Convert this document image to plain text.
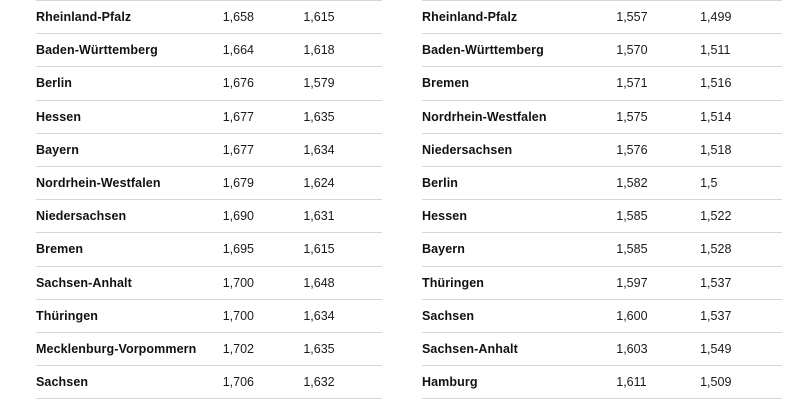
Rheinland-Pfalz	1,658	1,615
Baden-Württemberg	1,664	1,618
Berlin	1,676	1,579
Hessen	1,677	1,635
Bayern	1,677	1,634
Nordrhein-Westfalen	1,679	1,624
Niedersachsen	1,690	1,631
Bremen	1,695	1,615
Sachsen-Anhalt	1,700	1,648
Thüringen	1,700	1,634
Mecklenburg-Vorpommern	1,702	1,635
Sachsen	1,706	1,632
Rheinland-Pfalz	1,557	1,499
Baden-Württemberg	1,570	1,511
Bremen	1,571	1,516
Nordrhein-Westfalen	1,575	1,514
Niedersachsen	1,576	1,518
Berlin	1,582	1,5
Hessen	1,585	1,522
Bayern	1,585	1,528
Thüringen	1,597	1,537
Sachsen	1,600	1,537
Sachsen-Anhalt	1,603	1,549
Hamburg	1,611	1,509
